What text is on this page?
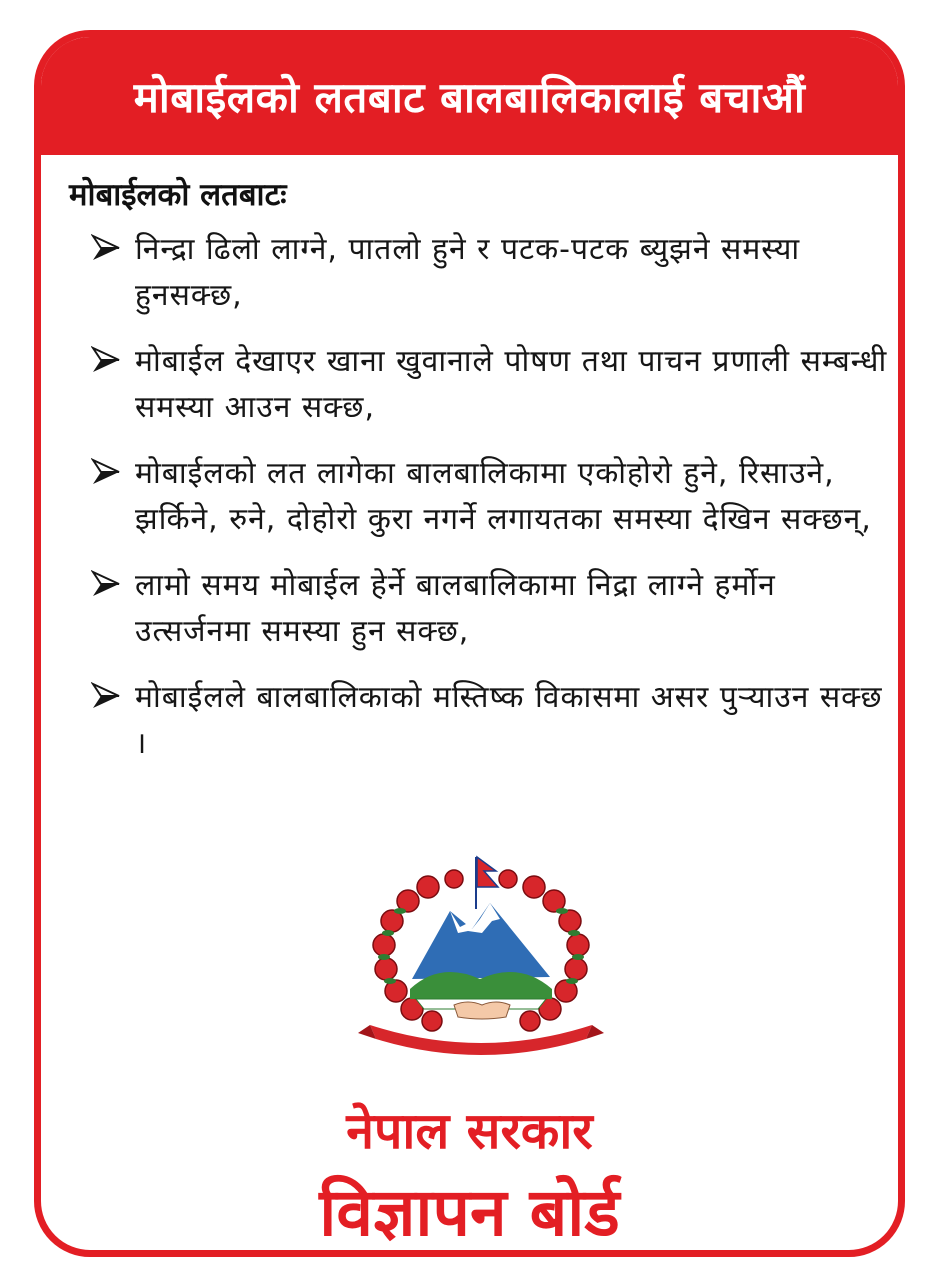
मोबाईलको लतबाट बालबालिकालाई बचाऔं
मोबाईलको लतबाटः
निन्द्रा ढिलो लाग्ने, पातलो हुने र पटक-पटक ब्युझने समस्या हुनसक्छ,
मोबाईल देखाएर खाना खुवानाले पोषण तथा पाचन प्रणाली सम्बन्धी समस्या आउन सक्छ,
मोबाईलको लत लागेका बालबालिकामा एकोहोरो हुने, रिसाउने, झर्किने, रुने, दोहोरो कुरा नगर्ने लगायतका समस्या देखिन सक्छन्,
लामो समय मोबाईल हेर्ने बालबालिकामा निद्रा लाग्ने हर्मोन उत्सर्जनमा समस्या हुन सक्छ,
मोबाईलले बालबालिकाको मस्तिष्क विकासमा असर पुऱ्याउन सक्छ ।
नेपाल सरकार
विज्ञापन बोर्ड
